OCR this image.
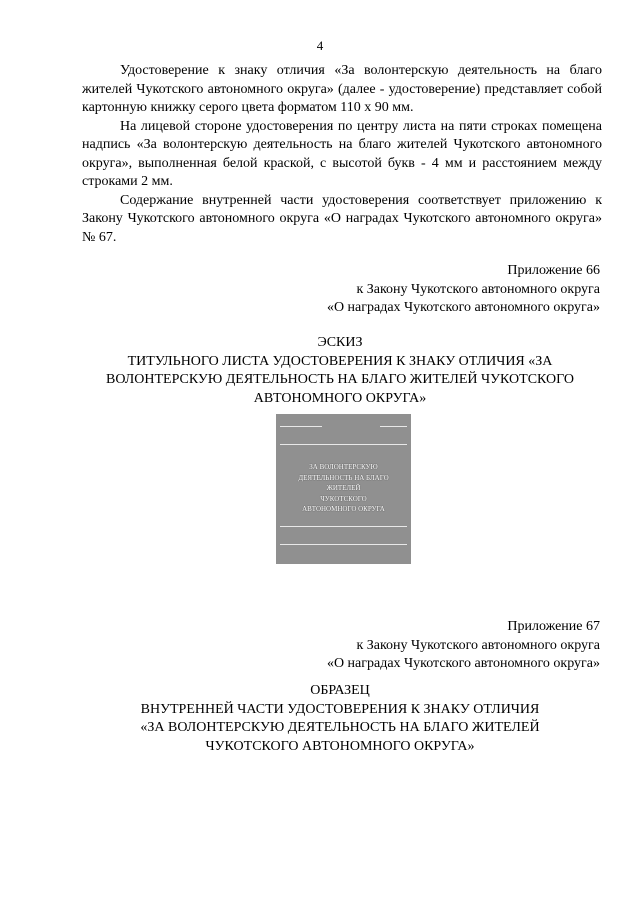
4

Удостоверение к знаку отличия «За волонтерскую деятельность на благо жителей Чукотского автономного округа» (далее - удостоверение) представляет собой картонную книжку серого цвета форматом 110 х 90 мм.

На лицевой стороне удостоверения по центру листа на пяти строках помещена надпись «За волонтерскую деятельность на благо жителей Чукотского автономного округа», выполненная белой краской, с высотой букв - 4 мм и расстоянием между строками 2 мм.

Содержание внутренней части удостоверения соответствует приложению к Закону Чукотского автономного округа «О наградах Чукотского автономного округа» № 67.

Приложение 66
к Закону Чукотского автономного округа
«О наградах Чукотского автономного округа»
ЭСКИЗ
ТИТУЛЬНОГО ЛИСТА УДОСТОВЕРЕНИЯ К ЗНАКУ ОТЛИЧИЯ «ЗА
ВОЛОНТЕРСКУЮ ДЕЯТЕЛЬНОСТЬ НА БЛАГО ЖИТЕЛЕЙ ЧУКОТСКОГО
АВТОНОМНОГО ОКРУГА»
ЗА ВОЛОНТЕРСКУЮ
ДЕЯТЕЛЬНОСТЬ НА БЛАГО
ЖИТЕЛЕЙ
ЧУКОТСКОГО
АВТОНОМНОГО ОКРУГА
Приложение 67
к Закону Чукотского автономного округа
«О наградах Чукотского автономного округа»
ОБРАЗЕЦ
ВНУТРЕННЕЙ ЧАСТИ УДОСТОВЕРЕНИЯ К ЗНАКУ ОТЛИЧИЯ
«ЗА ВОЛОНТЕРСКУЮ ДЕЯТЕЛЬНОСТЬ НА БЛАГО ЖИТЕЛЕЙ
ЧУКОТСКОГО АВТОНОМНОГО ОКРУГА»
